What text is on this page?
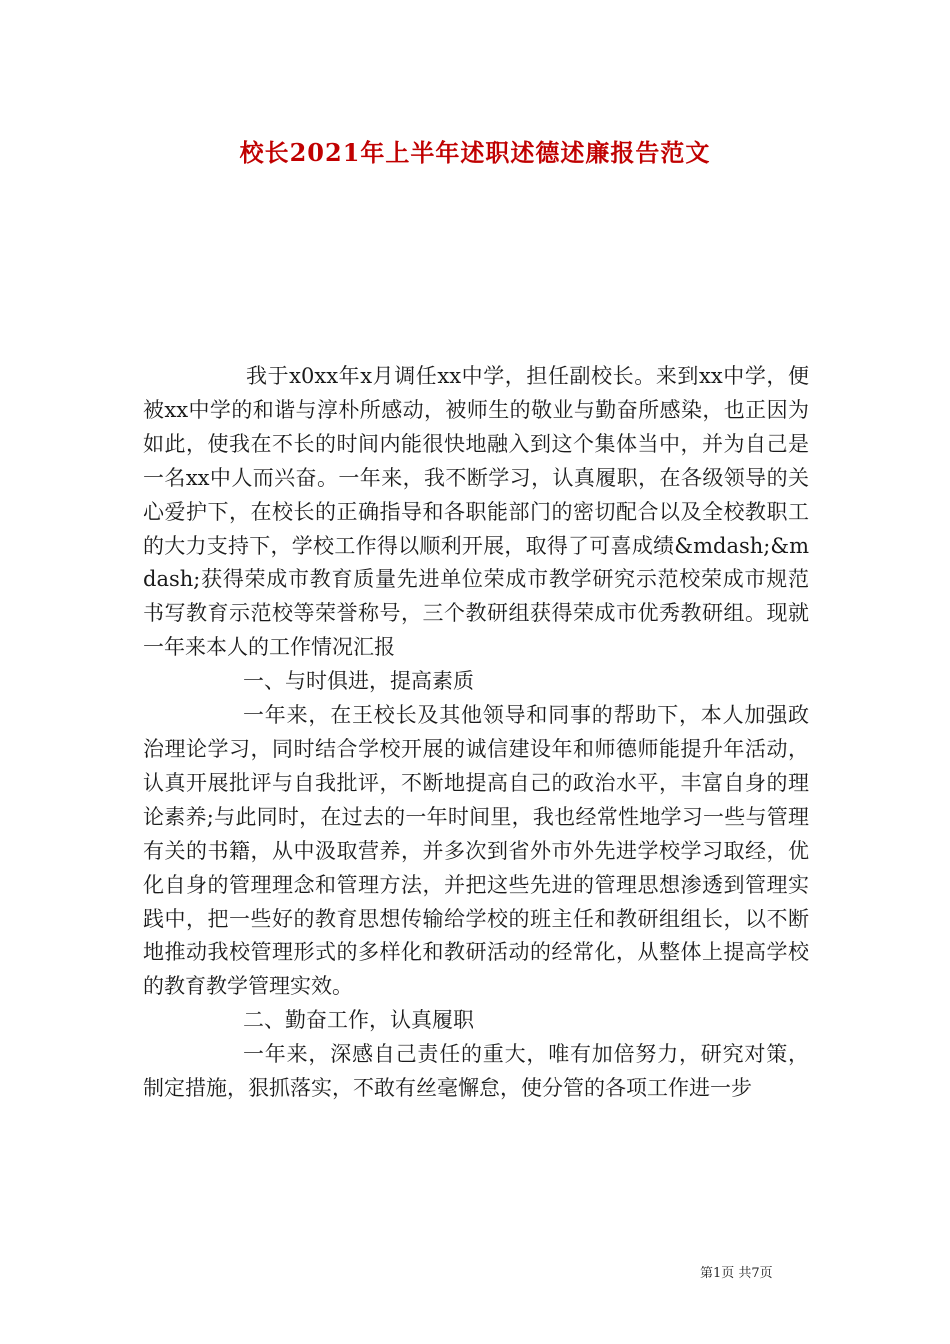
校长2021年上半年述职述德述廉报告范文

我于x0xx年x月调任xx中学，担任副校长。来到xx中学，便被xx中学的和谐与淳朴所感动，被师生的敬业与勤奋所感染，也正因为如此，使我在不长的时间内能很快地融入到这个集体当中，并为自己是一名xx中人而兴奋。一年来，我不断学习，认真履职，在各级领导的关心爱护下，在校长的正确指导和各职能部门的密切配合以及全校教职工的大力支持下，学校工作得以顺利开展，取得了可喜成绩&mdash;&mdash;获得荣成市教育质量先进单位荣成市教学研究示范校荣成市规范书写教育示范校等荣誉称号，三个教研组获得荣成市优秀教研组。现就一年来本人的工作情况汇报

一、与时俱进，提高素质

一年来，在王校长及其他领导和同事的帮助下，本人加强政治理论学习，同时结合学校开展的诚信建设年和师德师能提升年活动，认真开展批评与自我批评，不断地提高自己的政治水平，丰富自身的理论素养;与此同时，在过去的一年时间里，我也经常性地学习一些与管理有关的书籍，从中汲取营养，并多次到省外市外先进学校学习取经，优化自身的管理理念和管理方法，并把这些先进的管理思想渗透到管理实践中，把一些好的教育思想传输给学校的班主任和教研组组长，以不断地推动我校管理形式的多样化和教研活动的经常化，从整体上提高学校的教育教学管理实效。

二、勤奋工作，认真履职

一年来，深感自己责任的重大，唯有加倍努力，研究对策，制定措施，狠抓落实，不敢有丝毫懈怠，使分管的各项工作进一步

第1页 共7页
